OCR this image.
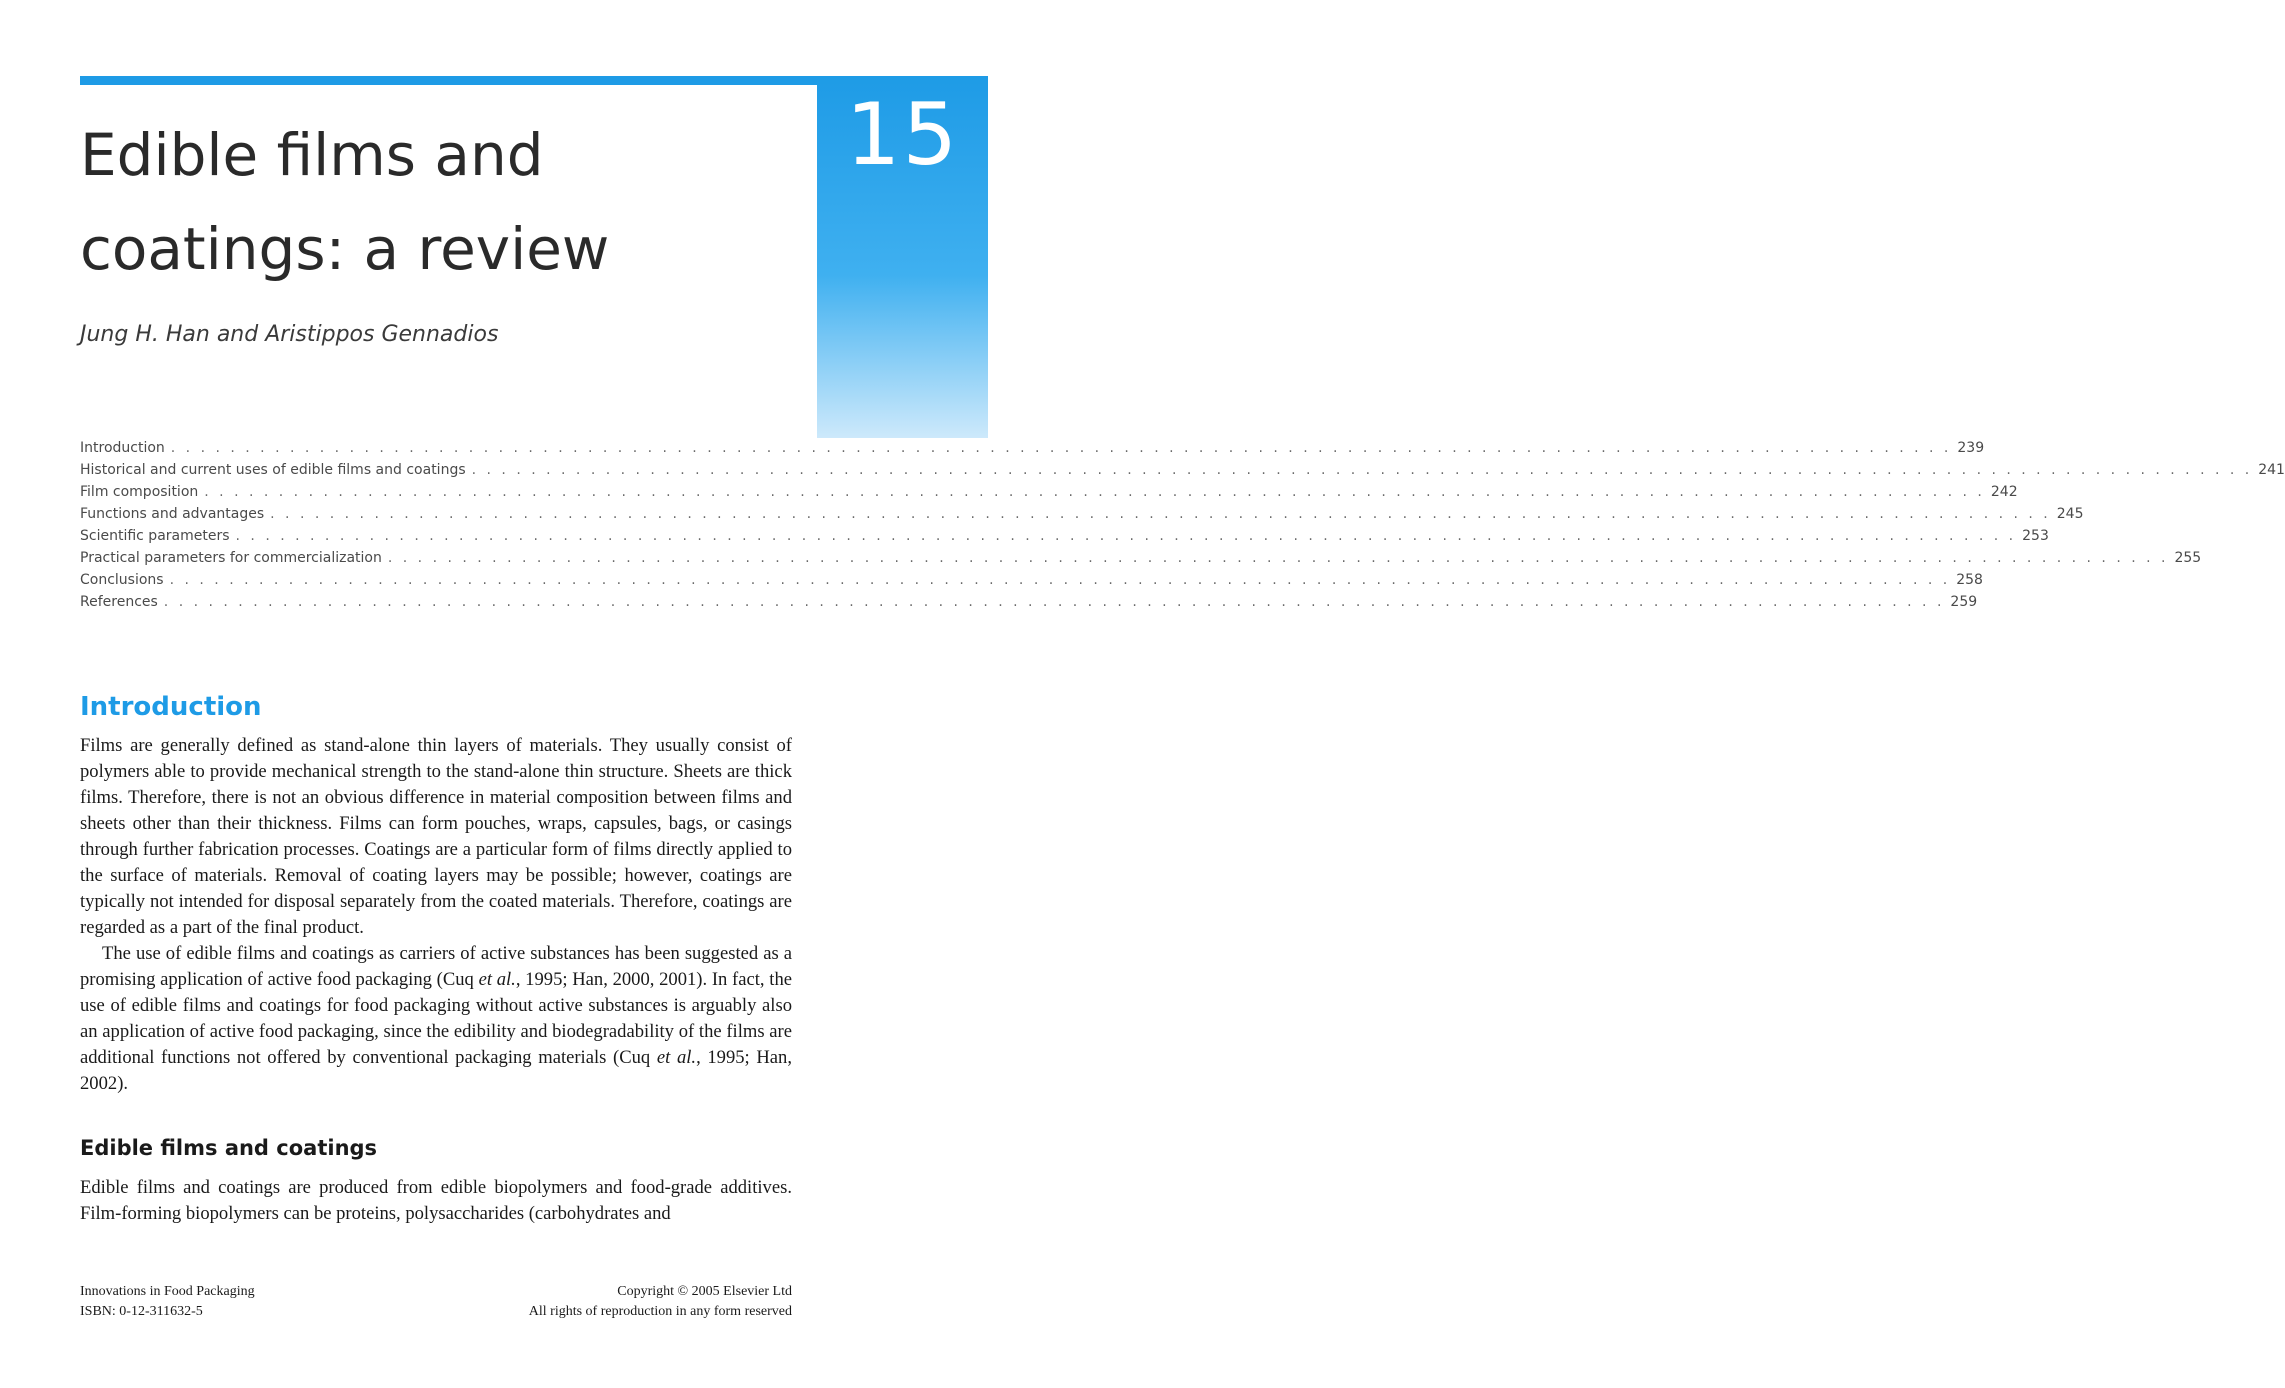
15
Edible films and
coatings: a review
Jung H. Han and Aristippos Gennadios
Introduction . . . . . . . . . . . . . . . . . . . . . . . . . . . . . . . . . . . . . . . . . . . . . . . . . . . . . . . . . . . . . . . . . . . . . . . . . . . . . . . . . . . . . . . . . . . . . . . . . . . . . . . . . . . . . . . . . . . . . . . . 239
Historical and current uses of edible films and coatings . . . . . . . . . . . . . . . . . . . . . . . . . . . . . . . . . . . . . . . . . . . . . . . . . . . . . . . . . . . . . . . . . . . . . . . . . . . . . . . . . . . . . . . . . . . . . . . . . . . . . . . . . . . . . . . . . . . . . . . . 241
Film composition . . . . . . . . . . . . . . . . . . . . . . . . . . . . . . . . . . . . . . . . . . . . . . . . . . . . . . . . . . . . . . . . . . . . . . . . . . . . . . . . . . . . . . . . . . . . . . . . . . . . . . . . . . . . . . . . . . . . . . . . 242
Functions and advantages . . . . . . . . . . . . . . . . . . . . . . . . . . . . . . . . . . . . . . . . . . . . . . . . . . . . . . . . . . . . . . . . . . . . . . . . . . . . . . . . . . . . . . . . . . . . . . . . . . . . . . . . . . . . . . . . . . . . . . . . 245
Scientific parameters . . . . . . . . . . . . . . . . . . . . . . . . . . . . . . . . . . . . . . . . . . . . . . . . . . . . . . . . . . . . . . . . . . . . . . . . . . . . . . . . . . . . . . . . . . . . . . . . . . . . . . . . . . . . . . . . . . . . . . . . 253
Practical parameters for commercialization . . . . . . . . . . . . . . . . . . . . . . . . . . . . . . . . . . . . . . . . . . . . . . . . . . . . . . . . . . . . . . . . . . . . . . . . . . . . . . . . . . . . . . . . . . . . . . . . . . . . . . . . . . . . . . . . . . . . . . . . 255
Conclusions . . . . . . . . . . . . . . . . . . . . . . . . . . . . . . . . . . . . . . . . . . . . . . . . . . . . . . . . . . . . . . . . . . . . . . . . . . . . . . . . . . . . . . . . . . . . . . . . . . . . . . . . . . . . . . . . . . . . . . . . 258
References . . . . . . . . . . . . . . . . . . . . . . . . . . . . . . . . . . . . . . . . . . . . . . . . . . . . . . . . . . . . . . . . . . . . . . . . . . . . . . . . . . . . . . . . . . . . . . . . . . . . . . . . . . . . . . . . . . . . . . . . 259
Introduction

Films are generally defined as stand-alone thin layers of materials. They usually consist of polymers able to provide mechanical strength to the stand-alone thin structure. Sheets are thick films. Therefore, there is not an obvious difference in material composition between films and sheets other than their thickness. Films can form pouches, wraps, capsules, bags, or casings through further fabrication processes. Coatings are a particular form of films directly applied to the surface of materials. Removal of coating layers may be possible; however, coatings are typically not intended for disposal separately from the coated materials. Therefore, coatings are regarded as a part of the final product.

The use of edible films and coatings as carriers of active substances has been suggested as a promising application of active food packaging (Cuq et al., 1995; Han, 2000, 2001). In fact, the use of edible films and coatings for food packaging without active substances is arguably also an application of active food packaging, since the edibility and biodegradability of the films are additional functions not offered by conventional packaging materials (Cuq et al., 1995; Han, 2002).

Edible films and coatings

Edible films and coatings are produced from edible biopolymers and food-grade additives. Film-forming biopolymers can be proteins, polysaccharides (carbohydrates and

Innovations in Food Packaging
ISBN: 0-12-311632-5
Copyright © 2005 Elsevier Ltd
All rights of reproduction in any form reserved
